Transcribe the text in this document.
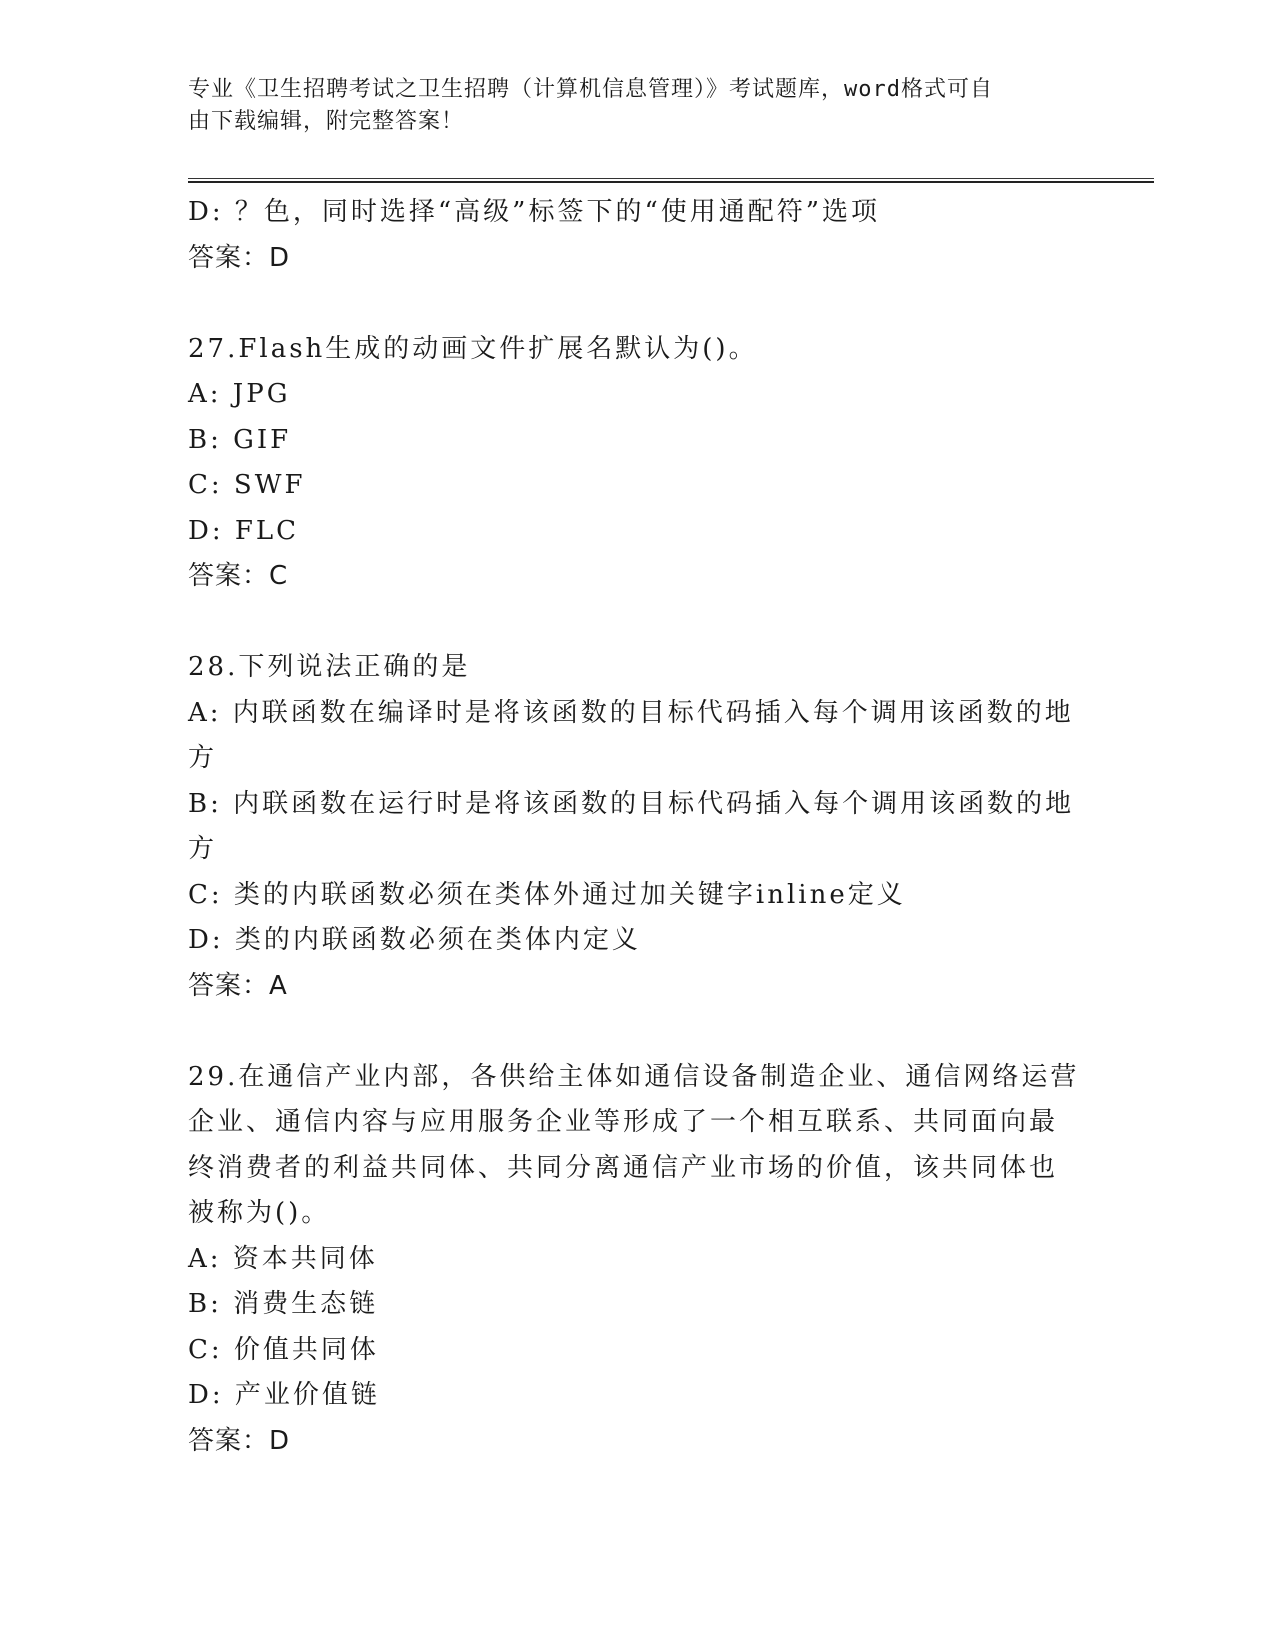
专业《卫生招聘考试之卫生招聘（计算机信息管理）》考试题库，word格式可自
由下载编辑，附完整答案！
D: ？色，同时选择“高级”标签下的“使用通配符”选项
答案：D
27.Flash生成的动画文件扩展名默认为()。
A: JPG
B: GIF
C: SWF
D: FLC
答案：C
28.下列说法正确的是
A: 内联函数在编译时是将该函数的目标代码插入每个调用该函数的地
方
B: 内联函数在运行时是将该函数的目标代码插入每个调用该函数的地
方
C: 类的内联函数必须在类体外通过加关键字inline定义
D: 类的内联函数必须在类体内定义
答案：A
29.在通信产业内部，各供给主体如通信设备制造企业、通信网络运营
企业、通信内容与应用服务企业等形成了一个相互联系、共同面向最
终消费者的利益共同体、共同分离通信产业市场的价值，该共同体也
被称为()。
A: 资本共同体
B: 消费生态链
C: 价值共同体
D: 产业价值链
答案：D
